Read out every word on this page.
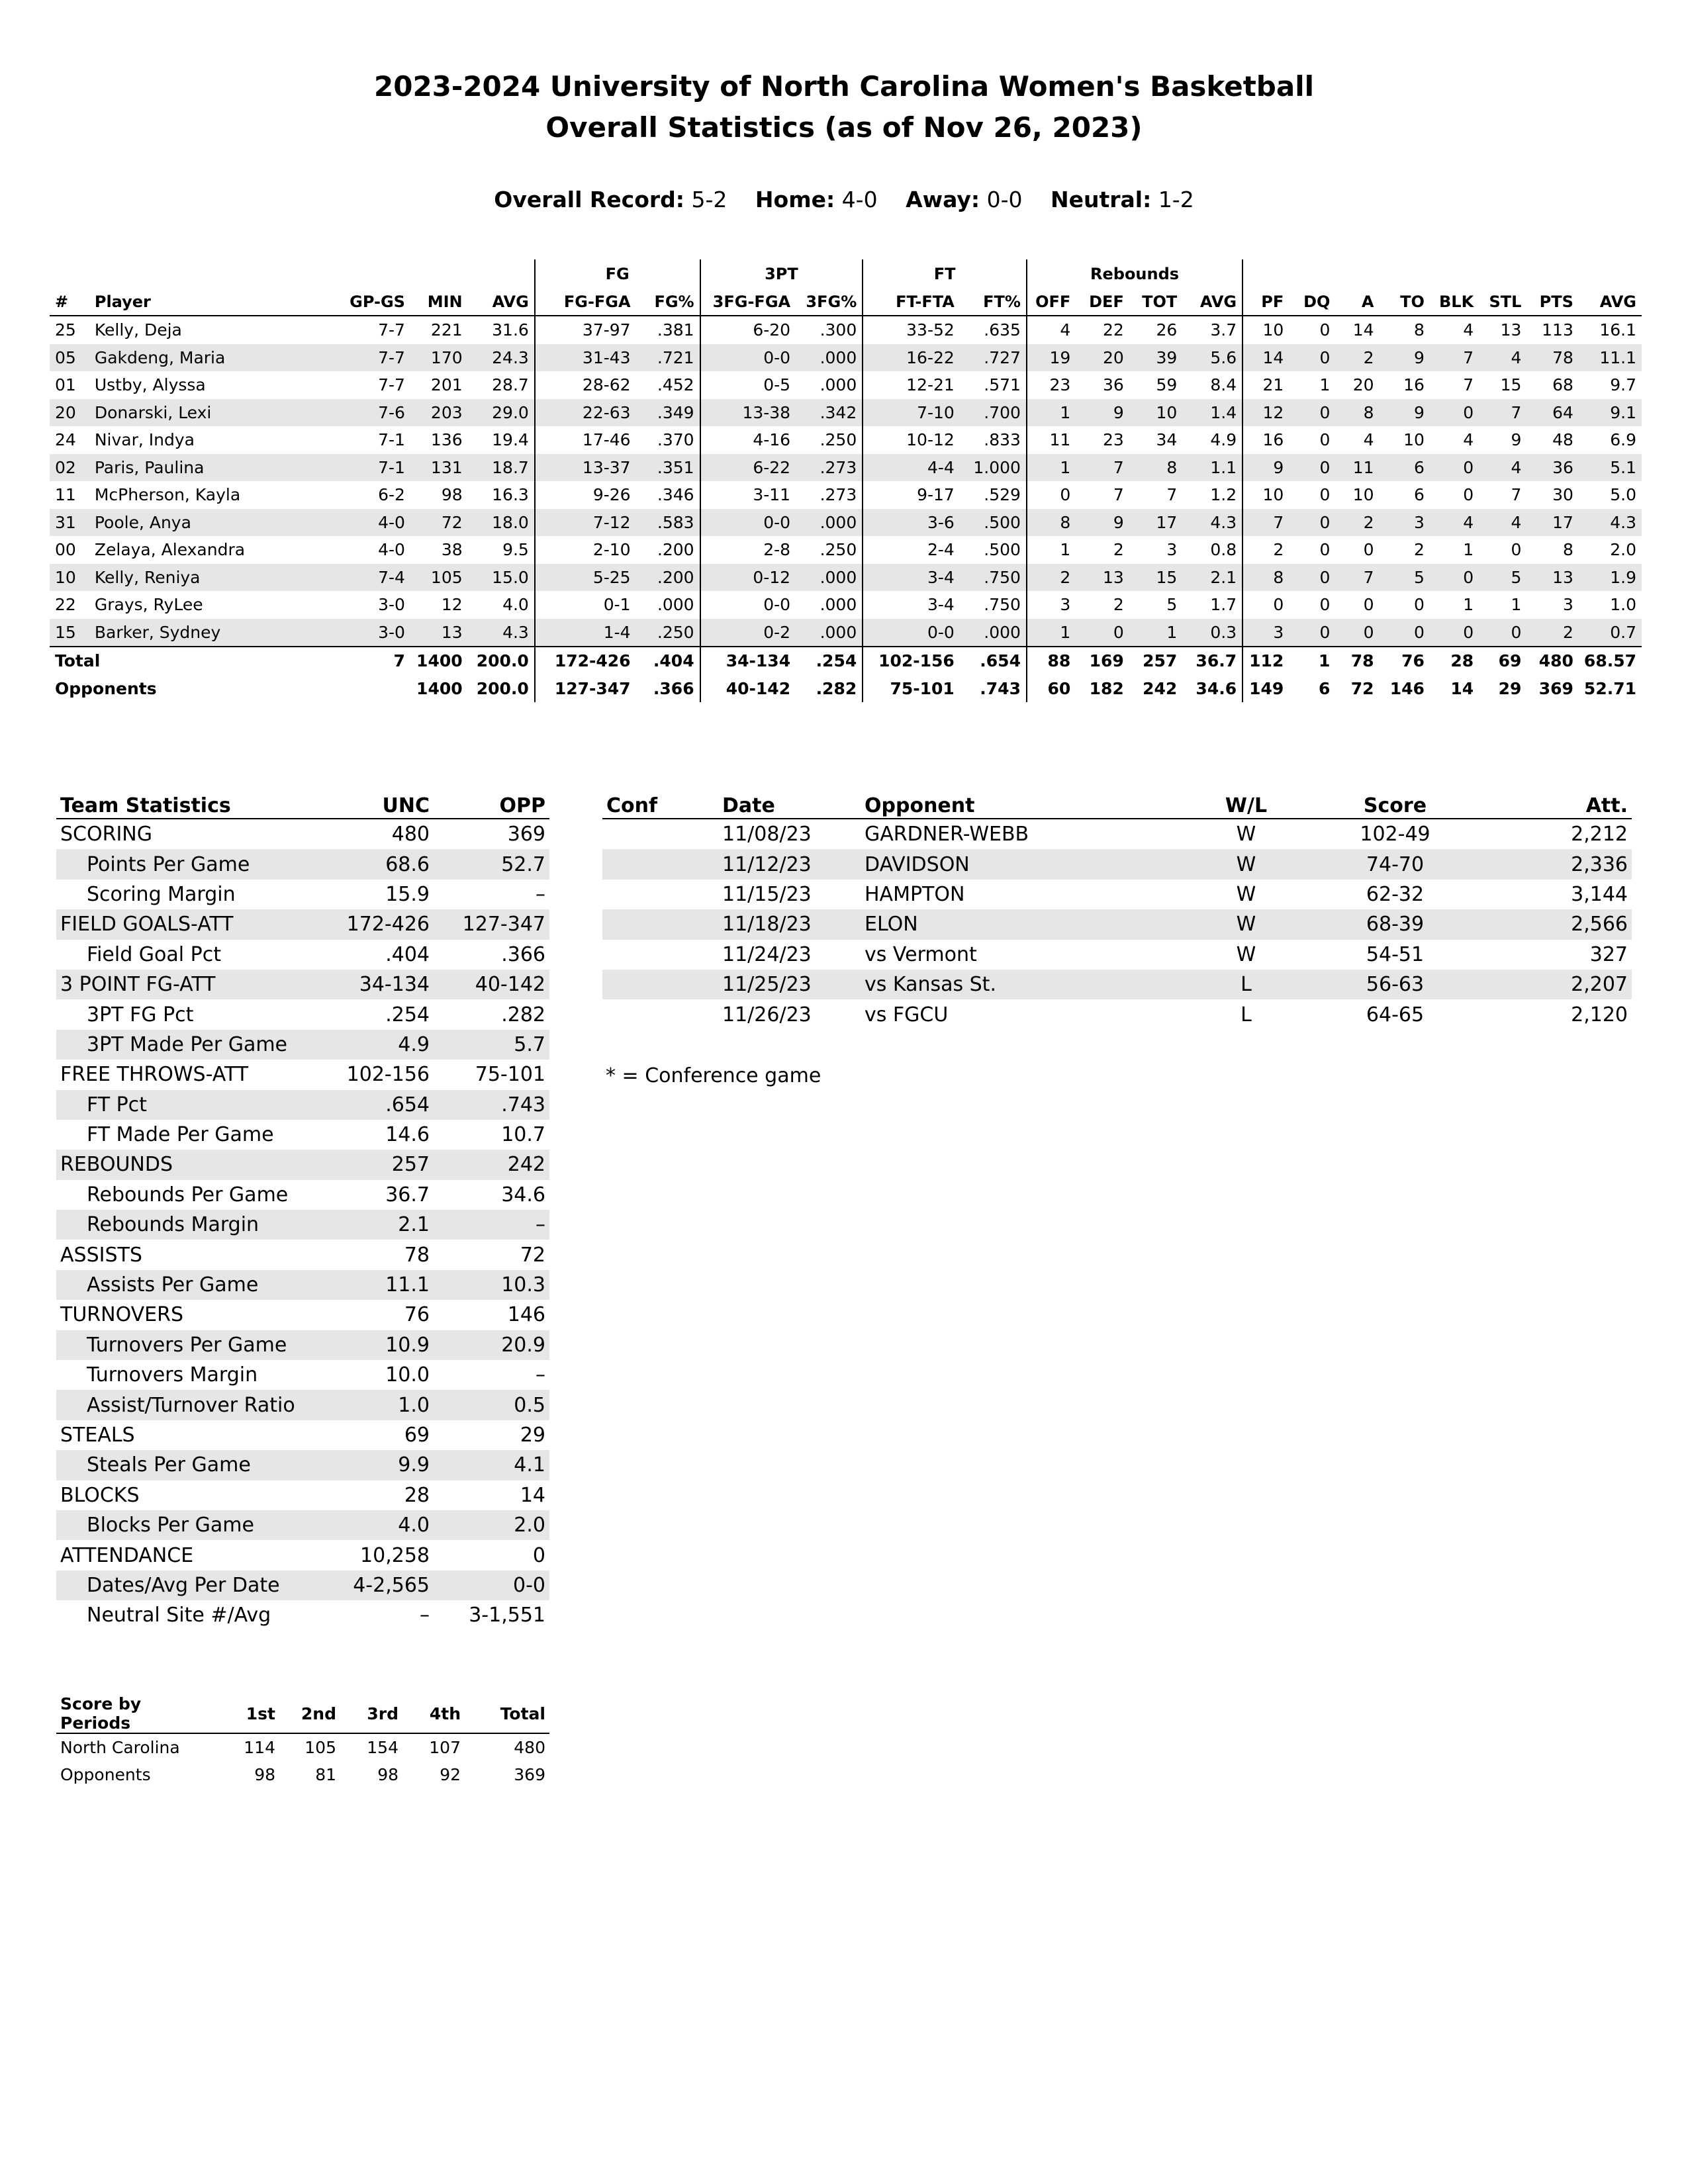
2023-2024 University of North Carolina Women's Basketball
Overall Statistics (as of Nov 26, 2023)
Overall Record: 5-2 Home: 4-0 Away: 0-0 Neutral: 1-2
					FG		3PT		FT		Rebounds											
#	Player	GP-GS	MIN	AVG	FG-FGA	FG%	3FG-FGA	3FG%	FT-FTA	FT%	OFF	DEF	TOT	AVG	PF	DQ	A	TO	BLK	STL	PTS	AVG
25	Kelly, Deja	7-7	221	31.6	37-97	.381	6-20	.300	33-52	.635	4	22	26	3.7	10	0	14	8	4	13	113	16.1
05	Gakdeng, Maria	7-7	170	24.3	31-43	.721	0-0	.000	16-22	.727	19	20	39	5.6	14	0	2	9	7	4	78	11.1
01	Ustby, Alyssa	7-7	201	28.7	28-62	.452	0-5	.000	12-21	.571	23	36	59	8.4	21	1	20	16	7	15	68	9.7
20	Donarski, Lexi	7-6	203	29.0	22-63	.349	13-38	.342	7-10	.700	1	9	10	1.4	12	0	8	9	0	7	64	9.1
24	Nivar, Indya	7-1	136	19.4	17-46	.370	4-16	.250	10-12	.833	11	23	34	4.9	16	0	4	10	4	9	48	6.9
02	Paris, Paulina	7-1	131	18.7	13-37	.351	6-22	.273	4-4	1.000	1	7	8	1.1	9	0	11	6	0	4	36	5.1
11	McPherson, Kayla	6-2	98	16.3	9-26	.346	3-11	.273	9-17	.529	0	7	7	1.2	10	0	10	6	0	7	30	5.0
31	Poole, Anya	4-0	72	18.0	7-12	.583	0-0	.000	3-6	.500	8	9	17	4.3	7	0	2	3	4	4	17	4.3
00	Zelaya, Alexandra	4-0	38	9.5	2-10	.200	2-8	.250	2-4	.500	1	2	3	0.8	2	0	0	2	1	0	8	2.0
10	Kelly, Reniya	7-4	105	15.0	5-25	.200	0-12	.000	3-4	.750	2	13	15	2.1	8	0	7	5	0	5	13	1.9
22	Grays, RyLee	3-0	12	4.0	0-1	.000	0-0	.000	3-4	.750	3	2	5	1.7	0	0	0	0	1	1	3	1.0
15	Barker, Sydney	3-0	13	4.3	1-4	.250	0-2	.000	0-0	.000	1	0	1	0.3	3	0	0	0	0	0	2	0.7
Total		7	1400	200.0	172-426	.404	34-134	.254	102-156	.654	88	169	257	36.7	112	1	78	76	28	69	480	68.57
Opponents			1400	200.0	127-347	.366	40-142	.282	75-101	.743	60	182	242	34.6	149	6	72	146	14	29	369	52.71
Team Statistics	UNC	OPP
SCORING	480	369
Points Per Game	68.6	52.7
Scoring Margin	15.9	–
FIELD GOALS-ATT	172-426	127-347
Field Goal Pct	.404	.366
3 POINT FG-ATT	34-134	40-142
3PT FG Pct	.254	.282
3PT Made Per Game	4.9	5.7
FREE THROWS-ATT	102-156	75-101
FT Pct	.654	.743
FT Made Per Game	14.6	10.7
REBOUNDS	257	242
Rebounds Per Game	36.7	34.6
Rebounds Margin	2.1	–
ASSISTS	78	72
Assists Per Game	11.1	10.3
TURNOVERS	76	146
Turnovers Per Game	10.9	20.9
Turnovers Margin	10.0	–
Assist/Turnover Ratio	1.0	0.5
STEALS	69	29
Steals Per Game	9.9	4.1
BLOCKS	28	14
Blocks Per Game	4.0	2.0
ATTENDANCE	10,258	0
Dates/Avg Per Date	4-2,565	0-0
Neutral Site #/Avg	–	3-1,551
Conf	Date	Opponent	W/L	Score	Att.
	11/08/23	GARDNER-WEBB	W	102-49	2,212
	11/12/23	DAVIDSON	W	74-70	2,336
	11/15/23	HAMPTON	W	62-32	3,144
	11/18/23	ELON	W	68-39	2,566
	11/24/23	vs Vermont	W	54-51	327
	11/25/23	vs Kansas St.	L	56-63	2,207
	11/26/23	vs FGCU	L	64-65	2,120
* = Conference game
Score by Periods	1st	2nd	3rd	4th	Total
North Carolina	114	105	154	107	480
Opponents	98	81	98	92	369
